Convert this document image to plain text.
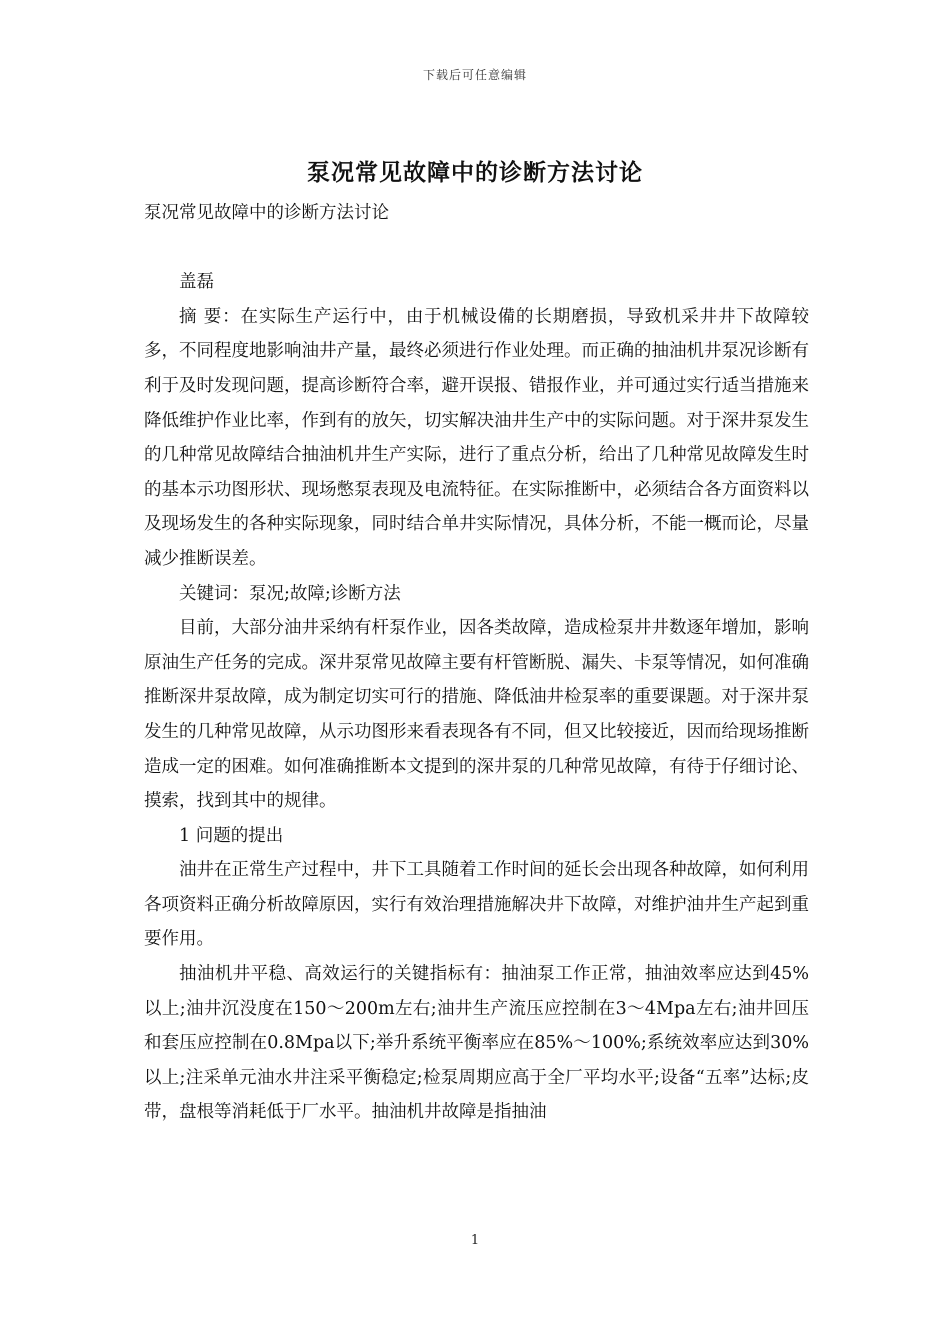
下载后可任意编辑
泵况常见故障中的诊断方法讨论

泵况常见故障中的诊断方法讨论

盖磊

摘 要：在实际生产运行中，由于机械设備的长期磨损，导致机采井井下故障较多，不同程度地影响油井产量，最终必须进行作业处理。而正确的抽油机井泵况诊断有利于及时发现问题，提高诊断符合率，避开误报、错报作业，并可通过实行适当措施来降低维护作业比率，作到有的放矢，切实解决油井生产中的实际问题。对于深井泵发生的几种常见故障结合抽油机井生产实际，进行了重点分析，给出了几种常见故障发生时的基本示功图形状、现场憋泵表现及电流特征。在实际推断中，必须结合各方面资料以及现场发生的各种实际现象，同时结合单井实际情况，具体分析，不能一概而论，尽量减少推断误差。

关键词：泵况;故障;诊断方法

目前，大部分油井采纳有杆泵作业，因各类故障，造成检泵井井数逐年增加，影响原油生产任务的完成。深井泵常见故障主要有杆管断脱、漏失、卡泵等情况，如何准确推断深井泵故障，成为制定切实可行的措施、降低油井检泵率的重要课题。对于深井泵发生的几种常见故障，从示功图形来看表现各有不同，但又比较接近，因而给现场推断造成一定的困难。如何准确推断本文提到的深井泵的几种常见故障，有待于仔细讨论、摸索，找到其中的规律。

1 问题的提出

油井在正常生产过程中，井下工具随着工作时间的延长会出现各种故障，如何利用各项资料正确分析故障原因，实行有效治理措施解决井下故障，对维护油井生产起到重要作用。

抽油机井平稳、高效运行的关键指标有：抽油泵工作正常，抽油效率应达到45%以上;油井沉没度在150～200m左右;油井生产流压应控制在3～4Mpa左右;油井回压和套压应控制在0.8Mpa以下;举升系统平衡率应在85%～100%;系统效率应达到30%以上;注采单元油水井注采平衡稳定;检泵周期应高于全厂平均水平;设备“五率”达标;皮带，盘根等消耗低于厂水平。抽油机井故障是指抽油

1
